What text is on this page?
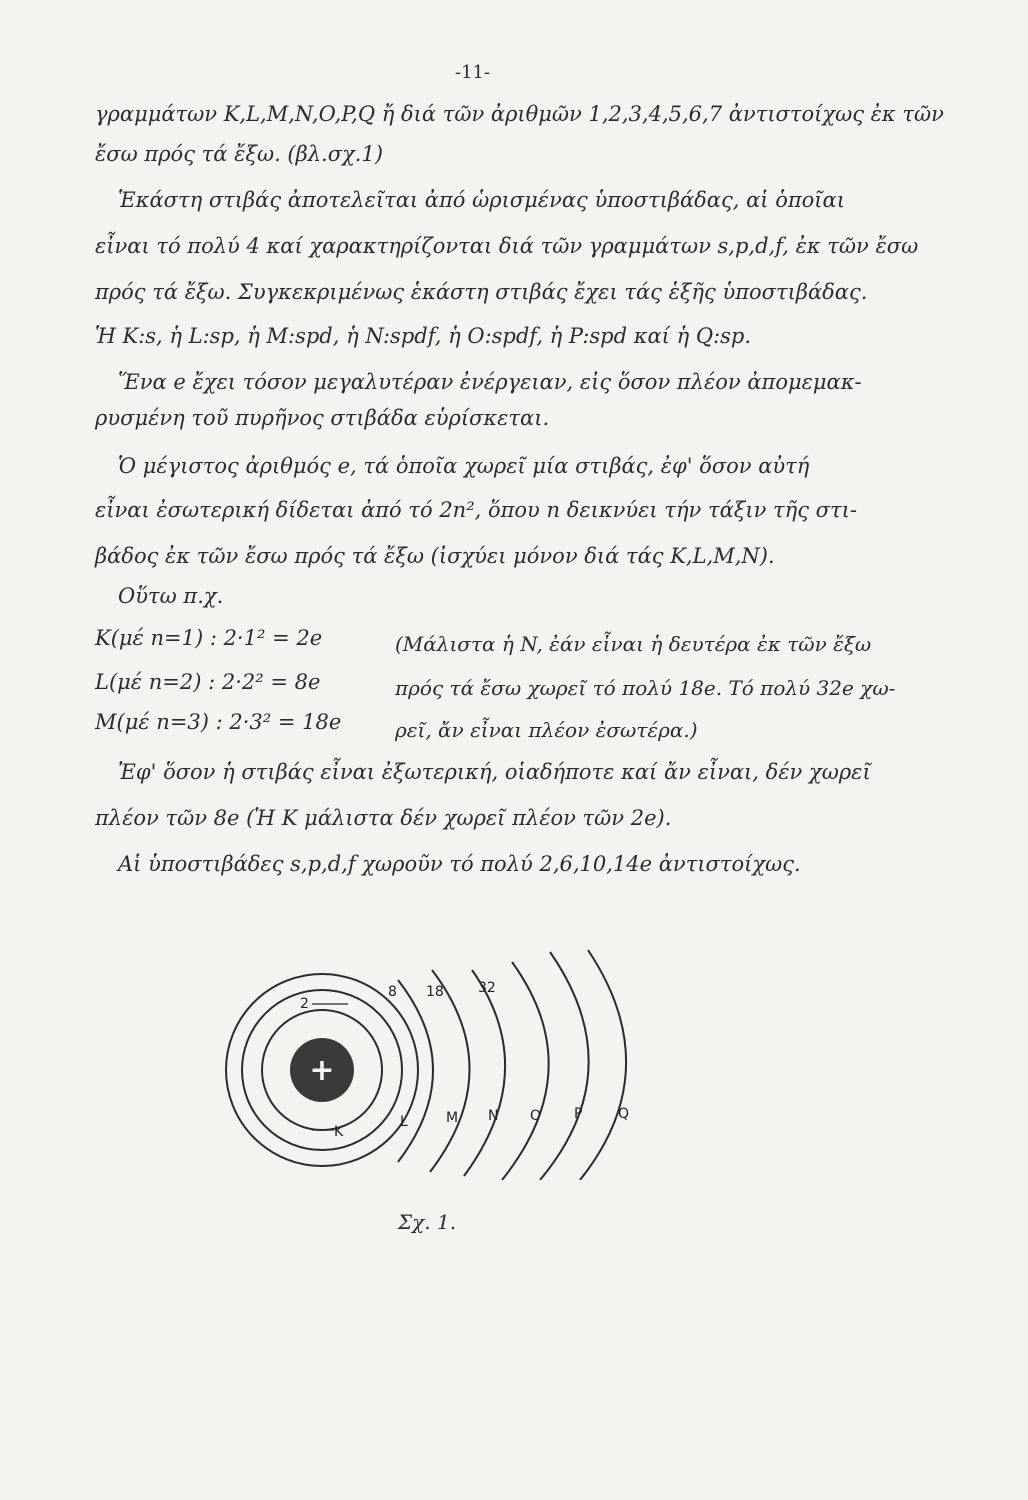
-11-
γραμμάτων K,L,M,N,O,P,Q ἤ διά τῶν ἀριθμῶν 1,2,3,4,5,6,7 ἀντιστοίχως ἐκ τῶν
ἔσω πρός τά ἔξω. (βλ.σχ.1)
Ἑκάστη στιβάς ἀποτελεῖται ἀπό ὡρισμένας ὑποστιβάδας, αἱ ὁποῖαι
εἶναι τό πολύ 4 καί χαρακτηρίζονται διά τῶν γραμμάτων s,p,d,f, ἐκ τῶν ἔσω
πρός τά ἔξω. Συγκεκριμένως ἑκάστη στιβάς ἔχει τάς ἑξῆς ὑποστιβάδας.
Ἡ K:s, ἡ L:sp, ἡ M:spd, ἡ N:spdf, ἡ O:spdf, ἡ P:spd καί ἡ Q:sp.
Ἕνα e ἔχει τόσον μεγαλυτέραν ἐνέργειαν, εἰς ὅσον πλέον ἀπομεμακ-
ρυσμένη τοῦ πυρῆνος στιβάδα εὑρίσκεται.
Ὁ μέγιστος ἀριθμός e, τά ὁποῖα χωρεῖ μία στιβάς, ἐφ' ὅσον αὐτή
εἶναι ἐσωτερική δίδεται ἀπό τό 2n², ὅπου n δεικνύει τήν τάξιν τῆς στι-
βάδος ἐκ τῶν ἔσω πρός τά ἔξω (ἰσχύει μόνον διά τάς K,L,M,N).
Οὕτω π.χ.
K(μέ n=1) : 2·1² = 2e
L(μέ n=2) : 2·2² = 8e
M(μέ n=3) : 2·3² = 18e
(Μάλιστα ἡ N, ἐάν εἶναι ἡ δευτέρα ἐκ τῶν ἔξω
πρός τά ἔσω χωρεῖ τό πολύ 18e. Τό πολύ 32e χω-
ρεῖ, ἄν εἶναι πλέον ἐσωτέρα.)
Ἐφ' ὅσον ἡ στιβάς εἶναι ἐξωτερική, οἱαδήποτε καί ἄν εἶναι, δέν χωρεῖ
πλέον τῶν 8e (Ἡ K μάλιστα δέν χωρεῖ πλέον τῶν 2e).
Αἱ ὑποστιβάδες s,p,d,f χωροῦν τό πολύ 2,6,10,14e ἀντιστοίχως.
+
2
8 18 32
K
L	M N O P	Q
Σχ. 1.
